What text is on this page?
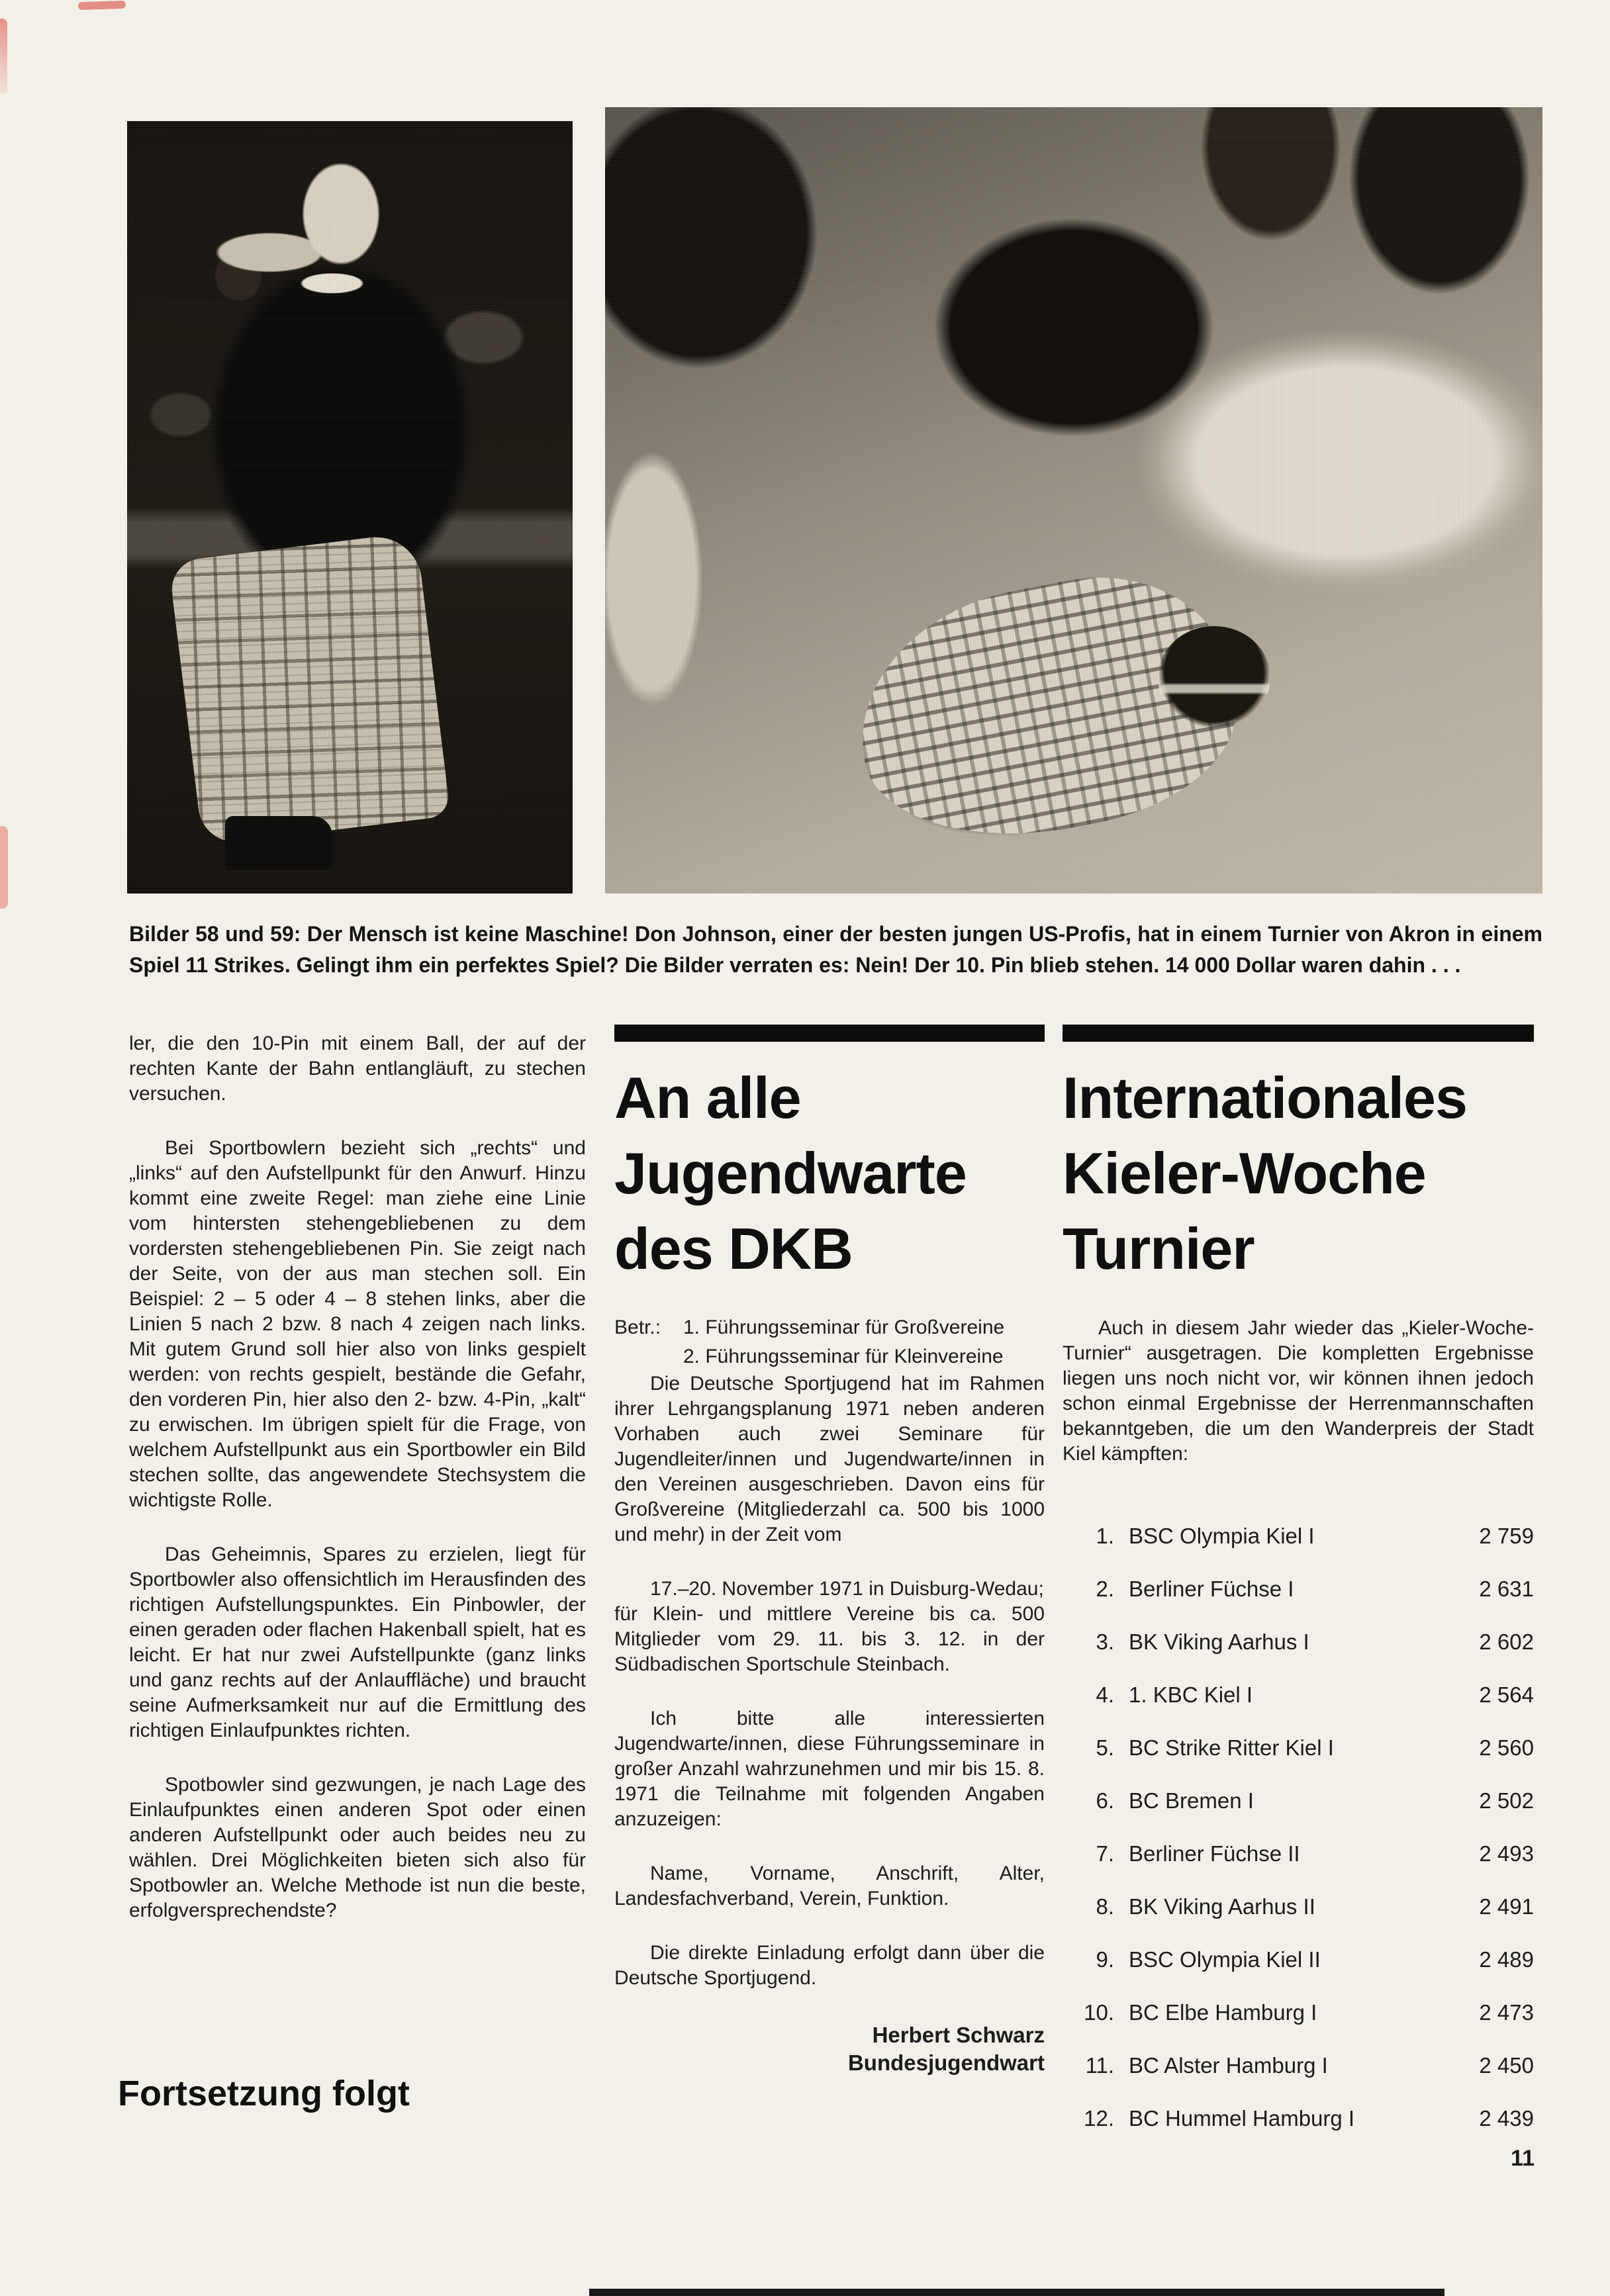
Bilder 58 und 59: Der Mensch ist keine Maschine! Don Johnson, einer der besten jungen US-Profis, hat in einem Turnier von Akron in einem Spiel 11 Strikes. Gelingt ihm ein perfektes Spiel? Die Bilder verraten es: Nein! Der 10. Pin blieb stehen. 14 000 Dollar waren dahin . . .

ler, die den 10-Pin mit einem Ball, der auf der rechten Kante der Bahn entlangläuft, zu stechen versuchen.

Bei Sportbowlern bezieht sich „rechts“ und „links“ auf den Aufstellpunkt für den Anwurf. Hinzu kommt eine zweite Regel: man ziehe eine Linie vom hintersten stehengebliebenen zu dem vordersten stehengebliebenen Pin. Sie zeigt nach der Seite, von der aus man stechen soll. Ein Beispiel: 2 – 5 oder 4 – 8 stehen links, aber die Linien 5 nach 2 bzw. 8 nach 4 zeigen nach links. Mit gutem Grund soll hier also von links gespielt werden: von rechts gespielt, bestände die Gefahr, den vorderen Pin, hier also den 2- bzw. 4-Pin, „kalt“ zu erwischen. Im übrigen spielt für die Frage, von welchem Aufstellpunkt aus ein Sportbowler ein Bild stechen sollte, das angewendete Stechsystem die wichtigste Rolle.

Das Geheimnis, Spares zu erzielen, liegt für Sportbowler also offensichtlich im Herausfinden des richtigen Aufstellungspunktes. Ein Pinbowler, der einen geraden oder flachen Hakenball spielt, hat es leicht. Er hat nur zwei Aufstellpunkte (ganz links und ganz rechts auf der Anlauffläche) und braucht seine Aufmerksamkeit nur auf die Ermittlung des richtigen Einlaufpunktes richten.

Spotbowler sind gezwungen, je nach Lage des Einlaufpunktes einen anderen Spot oder einen anderen Aufstellpunkt oder auch beides neu zu wählen. Drei Möglichkeiten bieten sich also für Spotbowler an. Welche Methode ist nun die beste, erfolgversprechendste?

Fortsetzung folgt
An alle
Jugendwarte
des DKB
Betr.:	1. Führungsseminar für Großvereine
2. Führungsseminar für Kleinvereine

Die Deutsche Sportjugend hat im Rahmen ihrer Lehrgangsplanung 1971 neben anderen Vorhaben auch zwei Seminare für Jugendleiter/innen und Jugendwarte/innen in den Vereinen ausgeschrieben. Davon eins für Großvereine (Mitgliederzahl ca. 500 bis 1000 und mehr) in der Zeit vom

17.–20. November 1971 in Duisburg-Wedau;

für Klein- und mittlere Vereine bis ca. 500 Mitglieder vom 29. 11. bis 3. 12. in der Südbadischen Sportschule Steinbach.

Ich bitte alle interessierten Jugendwarte/innen, diese Führungsseminare in großer Anzahl wahrzunehmen und mir bis 15. 8. 1971 die Teilnahme mit folgenden Angaben anzuzeigen:

Name, Vorname, Anschrift, Alter, Landesfachverband, Verein, Funktion.

Die direkte Einladung erfolgt dann über die Deutsche Sportjugend.

Herbert Schwarz
Bundesjugendwart
Internationales
Kieler-Woche
Turnier

Auch in diesem Jahr wieder das „Kieler-Woche-Turnier“ ausgetragen. Die kompletten Ergebnisse liegen uns noch nicht vor, wir können ihnen jedoch schon einmal Ergebnisse der Herrenmannschaften bekanntgeben, die um den Wanderpreis der Stadt Kiel kämpften:

1. BSC Olympia Kiel I	2 759
2. Berliner Füchse I	2 631
3. BK Viking Aarhus I	2 602
4. 1. KBC Kiel I	2 564
5. BC Strike Ritter Kiel I	2 560
6. BC Bremen I	2 502
7. Berliner Füchse II	2 493
8. BK Viking Aarhus II	2 491
9. BSC Olympia Kiel II	2 489
10. BC Elbe Hamburg I	2 473
11. BC Alster Hamburg I	2 450
12. BC Hummel Hamburg I	2 439
11
